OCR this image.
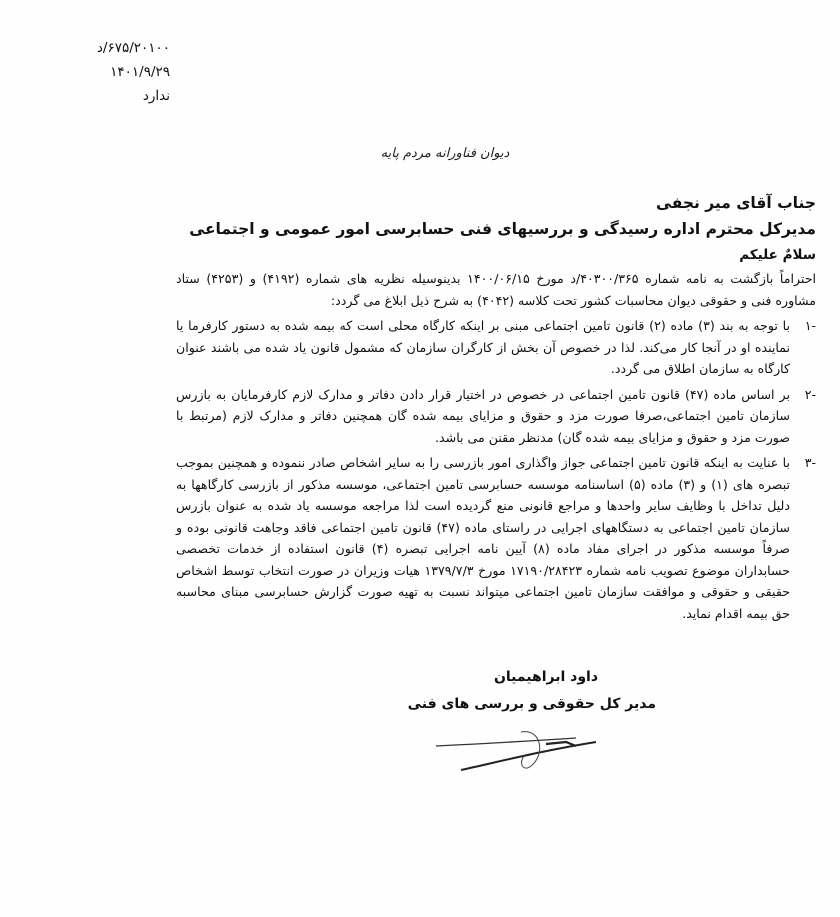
۶۷۵/۲۰۱۰۰/د
۱۴۰۱/۹/۲۹
ندارد
دیوان فناورانه مردم پایه
جناب آقای میر نجفی
مدیرکل محترم اداره رسیدگی و بررسیهای فنی حسابرسی امور عمومی و اجتماعی
سلامٌ علیکم

احتراماً بازگشت به نامه شماره ۴۰۳۰۰/۳۶۵/د مورخ ۱۴۰۰/۰۶/۱۵ بدینوسیله نظریه های شماره (۴۱۹۲) و (۴۲۵۳) ستاد مشاوره فنی و حقوقی دیوان محاسبات کشور تحت کلاسه (۴۰۴۲) به شرح ذیل ابلاغ می گردد:

-۱
با توجه به بند (۳) ماده (۲) قانون تامین اجتماعی مبنی بر اینکه کارگاه محلی است که بیمه شده به دستور کارفرما یا نماینده او در آنجا کار می‌کند. لذا در خصوص آن بخش از کارگران سازمان که مشمول قانون یاد شده می باشند عنوان کارگاه به سازمان اطلاق می گردد.
-۲
بر اساس ماده (۴۷) قانون تامین اجتماعی در خصوص در اختیار قرار دادن دفاتر و مدارک لازم کارفرمایان به بازرس سازمان تامین اجتماعی،صرفا صورت مزد و حقوق و مزایای بیمه شده گان همچنین دفاتر و مدارک لازم (مرتبط با صورت مزد و حقوق و مزایای بیمه شده گان) مدنظر مقنن می باشد.
-۳
با عنایت به اینکه قانون تامین اجتماعی جواز واگذاری امور بازرسی را به سایر اشخاص صادر ننموده و همچنین بموجب تبصره های (۱) و (۳) ماده (۵) اساسنامه موسسه حسابرسی تامین اجتماعی، موسسه مذکور از بازرسی کارگاهها به دلیل تداخل با وظایف سایر واحدها و مراجع قانونی منع گردیده است لذا مراجعه موسسه یاد شده به عنوان بازرس سازمان تامین اجتماعی به دستگاههای اجرایی در راستای ماده (۴۷) قانون تامین اجتماعی فاقد وجاهت قانونی بوده و صرفاً موسسه مذکور در اجرای مفاد ماده (۸) آیین نامه اجرایی تبصره (۴) قانون استفاده از خدمات تخصصی حسابداران موضوع تصویب نامه شماره ۱۷۱۹۰/۲۸۴۲۳ مورخ ۱۳۷۹/۷/۳ هیات وزیران در صورت انتخاب توسط اشخاص حقیقی و حقوقی و موافقت سازمان تامین اجتماعی میتواند نسبت به تهیه صورت گزارش حسابرسی مبنای محاسبه حق بیمه اقدام نماید.
داود ابراهیمیان
مدیر کل حقوقی و بررسی های فنی
